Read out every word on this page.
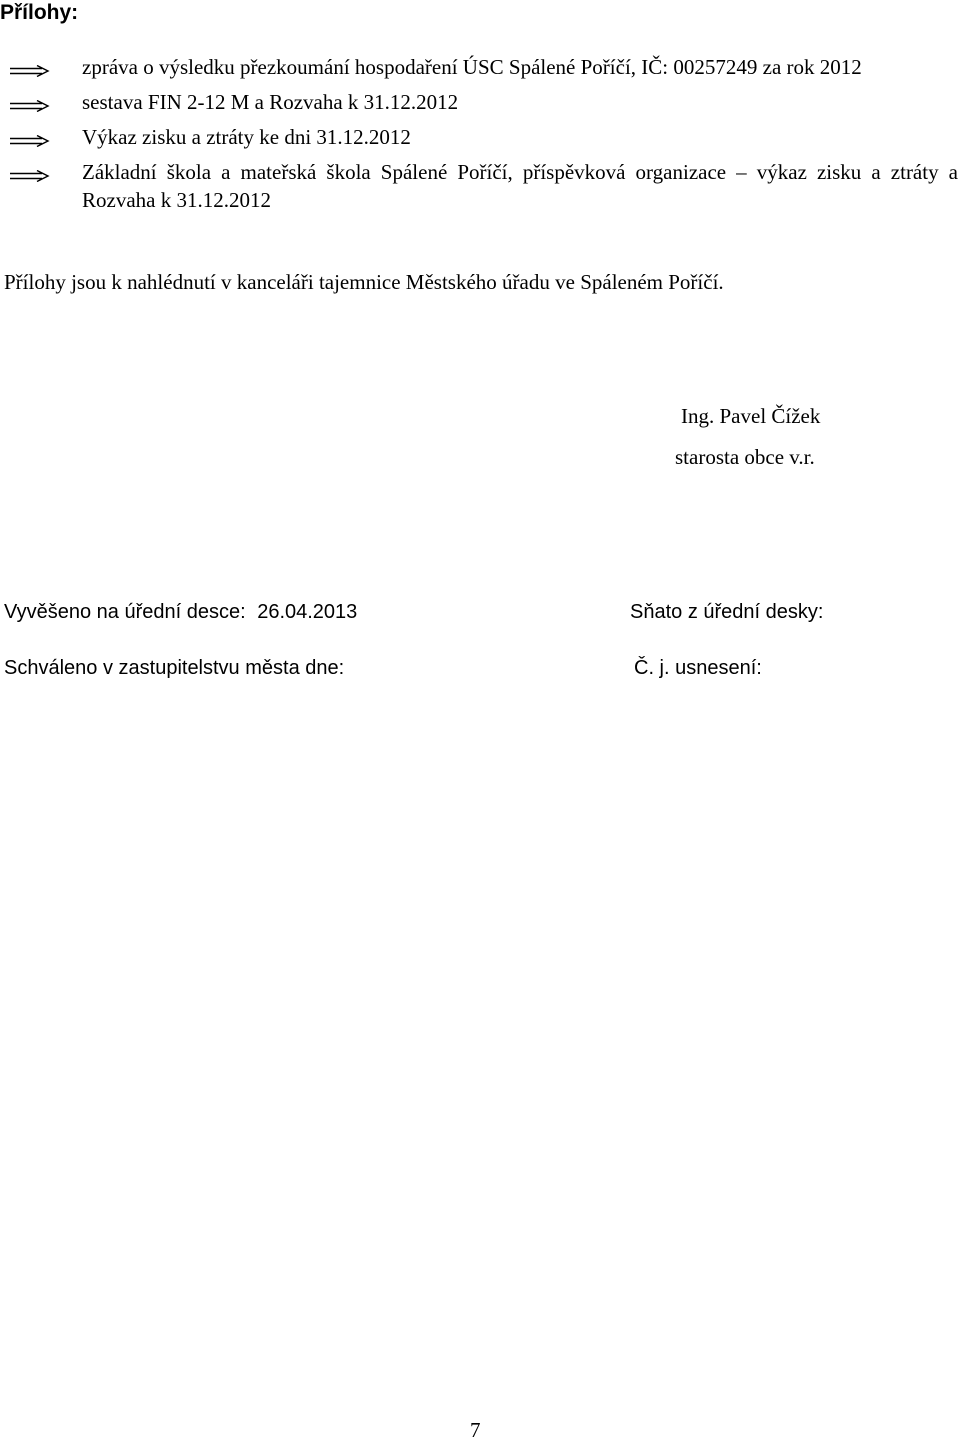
Přílohy:
zpráva o výsledku přezkoumání hospodaření ÚSC Spálené Poříčí, IČ: 00257249 za rok 2012
sestava FIN 2-12 M a Rozvaha k 31.12.2012
Výkaz zisku a ztráty ke dni 31.12.2012
Základní škola a mateřská škola Spálené Poříčí, příspěvková organizace – výkaz zisku a ztráty a Rozvaha k 31.12.2012
Přílohy jsou k nahlédnutí v kanceláři tajemnice Městského úřadu ve Spáleném Poříčí.
Ing. Pavel Čížek
starosta obce v.r.
Vyvěšeno na úřední desce: 26.04.2013	Sňato z úřední desky:
Schváleno v zastupitelstvu města dne:	Č. j. usnesení:
7
